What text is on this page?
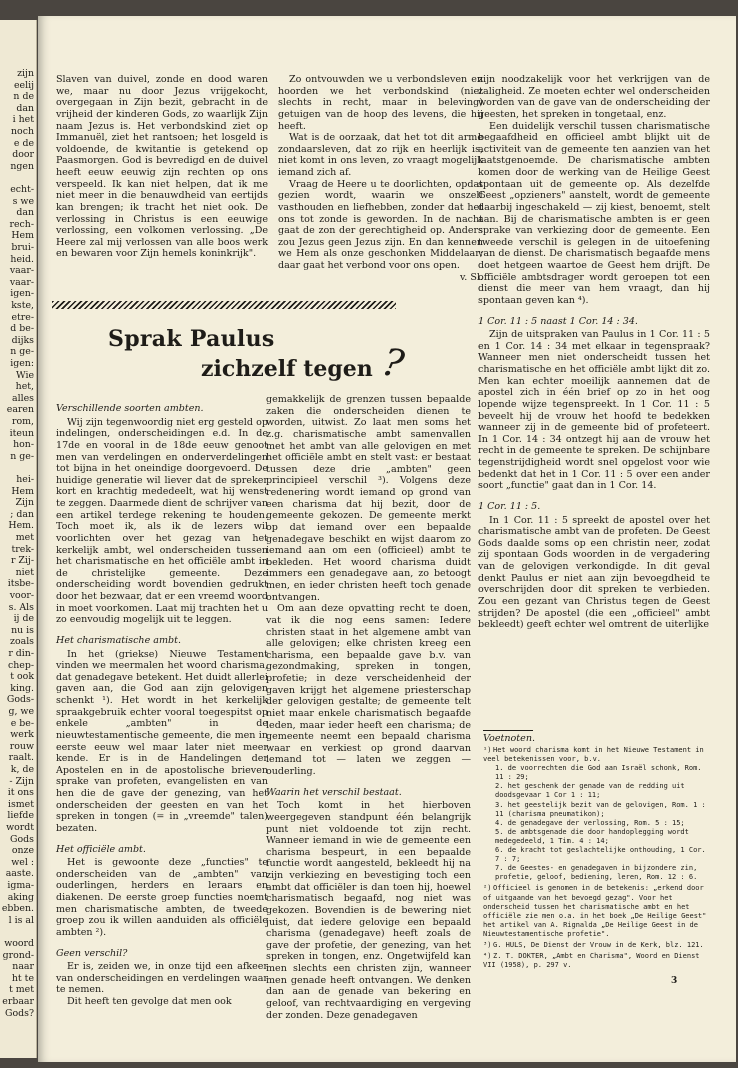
zijn
eelij
n de
dan
i het
noch
e de
door
ngen
echt-
s we
dan
rech-
Hem
brui-
heid.
vaar-
vaar-
igen-
kste,
etre-
d be-
dijks
n ge-
igen:
Wie
het,
alles
earen
rom,
iteun
hon-
n ge-
hei-
Hem
Zijn
; dan
Hem.
met
trek-
r Zij-
niet
itsbe-
voor-
s. Als
ij de
nu is
zoals
r din-
chep-
t ook
king.
Gods-
g, we
e be-
werk
rouw
raalt.
k, de
- Zijn
it ons
ismet
liefde
wordt
Gods
onze
wel :
aaste.
igma-
aking
ebben.
l is al
woord
grond-
naar
ht te
t met
erbaar
Gods?

Slaven van duivel, zonde en dood waren we, maar nu door Jezus vrijgekocht, overgegaan in Zijn bezit, gebracht in de vrijheid der kinderen Gods, zo waarlijk Zijn naam Jezus is. Het verbondskind ziet op Immanuël, ziet het rantsoen; het losgeld is voldoende, de kwitantie is getekend op Paasmorgen. God is bevredigd en de duivel heeft eeuw eeuwig zijn rechten op ons verspeeld. Ik kan niet helpen, dat ik me niet meer in die benauwdheid van eertijds kan brengen; ik tracht het niet ook. De verlossing in Christus is een eeuwige verlossing, een volkomen verlossing. „De Heere zal mij verlossen van alle boos werk en bewaren voor Zijn hemels koninkrijk".

Zo ontvouwden we u verbondsleven en hoorden we het verbondskind (niet slechts in recht, maar in beleving) getuigen van de hoop des levens, die hij heeft.

Wat is de oorzaak, dat het tot dit arme zondaarsleven, dat zo rijk en heerlijk is, niet komt in ons leven, zo vraagt mogelijk iemand zich af.

Vraag de Heere u te doorlichten, opdat gezien wordt, waarin we onszelf vasthouden en liefhebben, zonder dat het ons tot zonde is geworden. In de nacht gaat de zon der gerechtigheid op. Anders zou Jezus geen Jezus zijn. En dan kennen we Hem als onze geschonken Middelaar; daar gaat het verbond voor ons open.

v. Sl.
Sprak Paulus
zichzelf tegen ?
Verschillende soorten ambten.

Wij zijn tegenwoordig niet erg gesteld op indelingen, onderscheidingen e.d. In de 17de en vooral in de 18de eeuw genoot men van verdelingen en onderverdelingen tot bijna in het oneindige doorgevoerd. De huidige generatie wil liever dat de spreker kort en krachtig mededeelt, wat hij wenst te zeggen. Daarmede dient de schrijver van een artikel terdege rekening te houden. Toch moet ik, als ik de lezers wil voorlichten over het gezag van het kerkelijk ambt, wel onderscheiden tussen het charismatische en het officiële ambt in de christelijke gemeente. Deze onderscheiding wordt bovendien gedrukt door het bezwaar, dat er een vreemd woord in moet voorkomen. Laat mij trachten het u zo eenvoudig mogelijk uit te leggen.

Het charismatische ambt.

In het (griekse) Nieuwe Testament vinden we meermalen het woord charisma, dat genadegave betekent. Het duidt allerlei gaven aan, die God aan zijn gelovigen schenkt ¹). Het wordt in het kerkelijk spraakgebruik echter vooral toegespitst op enkele „ambten" in de nieuwtestamentische gemeente, die men in eerste eeuw wel maar later niet meer kende. Er is in de Handelingen der Apostelen en in de apostolische brieven sprake van profeten, evangelisten en van hen die de gave der genezing, van het onderscheiden der geesten en van het spreken in tongen (= in „vreemde" talen) bezaten.

Het officiële ambt.

Het is gewoonte deze „functies" te onderscheiden van de „ambten" van ouderlingen, herders en leraars en diakenen. De eerste groep functies noemt men charismatische ambten, de tweede groep zou ik willen aanduiden als officiële ambten ²).

Geen verschil?

Er is, zeiden we, in onze tijd een afkeer van onderscheidingen en verdelingen waar te nemen.

Dit heeft ten gevolge dat men ook

gemakkelijk de grenzen tussen bepaalde zaken die onderscheiden dienen te worden, uitwist. Zo laat men soms het z.g. charismatische ambt samenvallen met het ambt van alle gelovigen en met het officiële ambt en stelt vast: er bestaat tussen deze drie „ambten" geen principieel verschil ³). Volgens deze redenering wordt iemand op grond van een charisma dat hij bezit, door de gemeente gekozen. De gemeente merkt op dat iemand over een bepaalde genadegave beschikt en wijst daarom zo iemand aan om een (officieel) ambt te bekleden. Het woord charisma duidt immers een genadegave aan, zo betoogt men, en ieder christen heeft toch genade ontvangen.

Om aan deze opvatting recht te doen, vat ik die nog eens samen: Iedere christen staat in het algemene ambt van alle gelovigen; elke christen kreeg een charisma, een bepaalde gave b.v. van gezondmaking, spreken in tongen, profetie; in deze verscheidenheid der gaven krijgt het algemene priesterschap der gelovigen gestalte; de gemeente telt niet maar enkele charismatisch begaafde leden, maar ieder heeft een charisma; de gemeente neemt een bepaald charisma waar en verkiest op grond daarvan iemand tot — laten we zeggen — ouderling.

Waarin het verschil bestaat.

Toch komt in het hierboven weergegeven standpunt één belangrijk punt niet voldoende tot zijn recht. Wanneer iemand in wie de gemeente een charisma bespeurt, in een bepaalde functie wordt aangesteld, bekleedt hij na zijn verkiezing en bevestiging toch een ambt dat officiëler is dan toen hij, hoewel charismatisch begaafd, nog niet was gekozen. Bovendien is de bewering niet juist, dat iedere gelovige een bepaald charisma (genadegave) heeft zoals de gave der profetie, der genezing, van het spreken in tongen, enz. Ongetwijfeld kan men slechts een christen zijn, wanneer men genade heeft ontvangen. We denken dan aan de genade van bekering en geloof, van rechtvaardiging en vergeving der zonden. Deze genadegaven

zijn noodzakelijk voor het verkrijgen van de zaligheid. Ze moeten echter wel onderscheiden worden van de gave van de onderscheiding der geesten, het spreken in tongetaal, enz.

Een duidelijk verschil tussen charismatische begaafdheid en officieel ambt blijkt uit de activiteit van de gemeente ten aanzien van het laatstgenoemde. De charismatische ambten komen door de werking van de Heilige Geest spontaan uit de gemeente op. Als dezelfde Geest „opzieners" aanstelt, wordt de gemeente daarbij ingeschakeld — zij kiest, benoemt, stelt aan. Bij de charismatische ambten is er geen sprake van verkiezing door de gemeente. Een tweede verschil is gelegen in de uitoefening van de dienst. De charismatisch begaafde mens doet hetgeen waartoe de Geest hem drijft. De officiële ambtsdrager wordt geroepen tot een dienst die meer van hem vraagt, dan hij spontaan geven kan ⁴).

1 Cor. 11 : 5 naast 1 Cor. 14 : 34.

Zijn de uitspraken van Paulus in 1 Cor. 11 : 5 en 1 Cor. 14 : 34 met elkaar in tegenspraak? Wanneer men niet onderscheidt tussen het charismatische en het officiële ambt lijkt dit zo. Men kan echter moeilijk aannemen dat de apostel zich in één brief op zo in het oog lopende wijze tegenspreekt. In 1 Cor. 11 : 5 beveelt hij de vrouw het hoofd te bedekken wanneer zij in de gemeente bid of profeteert. In 1 Cor. 14 : 34 ontzegt hij aan de vrouw het recht in de gemeente te spreken. De schijnbare tegenstrijdigheid wordt snel opgelost voor wie bedenkt dat het in 1 Cor. 11 : 5 over een ander soort „functie" gaat dan in 1 Cor. 14.

1 Cor. 11 : 5.

In 1 Cor. 11 : 5 spreekt de apostel over het charismatische ambt van de profeten. De Geest Gods daalde soms op een christin neer, zodat zij spontaan Gods woorden in de vergadering van de gelovigen verkondigde. In dit geval denkt Paulus er niet aan zijn bevoegdheid te overschrijden door dit spreken te verbieden. Zou een gezant van Christus tegen de Geest strijden? De apostel (die een „officieel" ambt bekleedt) geeft echter wel omtrent de uiterlijke

Voetnoten.
¹) Het woord charisma komt in het Nieuwe Testament in veel betekenissen voor, b.v.
1. de voorrechten die God aan Israël schonk, Rom. 11 : 29;
2. het geschenk der genade van de redding uit doodsgevaar 1 Cor 1 : 11;
3. het geestelijk bezit van de gelovigen, Rom. 1 : 11 (charisma pneumatikon);
4. de genadegave der verlossing, Rom. 5 : 15;
5. de ambtsgenade die door handoplegging wordt medegedeeld, 1 Tim. 4 : 14;
6. de kracht tot geslachtelijke onthouding, 1 Cor. 7 : 7;
7. de Geestes- en genadegaven in bijzondere zin, profetie, geloof, bediening, leren, Rom. 12 : 6.
²) Officieel is genomen in de betekenis: „erkend door of uitgaande van het bevoegd gezag". Voor het onderscheid tussen het charismatische ambt en het officiële zie men o.a. in het boek „De Heilige Geest" het artikel van A. Rignalda „De Heilige Geest in de Nieuwtestamentische profetie".
³) G. HULS, De Dienst der Vrouw in de Kerk, blz. 121.
⁴) Z. T. DOKTER, „Ambt en Charisma", Woord en Dienst VII (1958), p. 297 v.
3
